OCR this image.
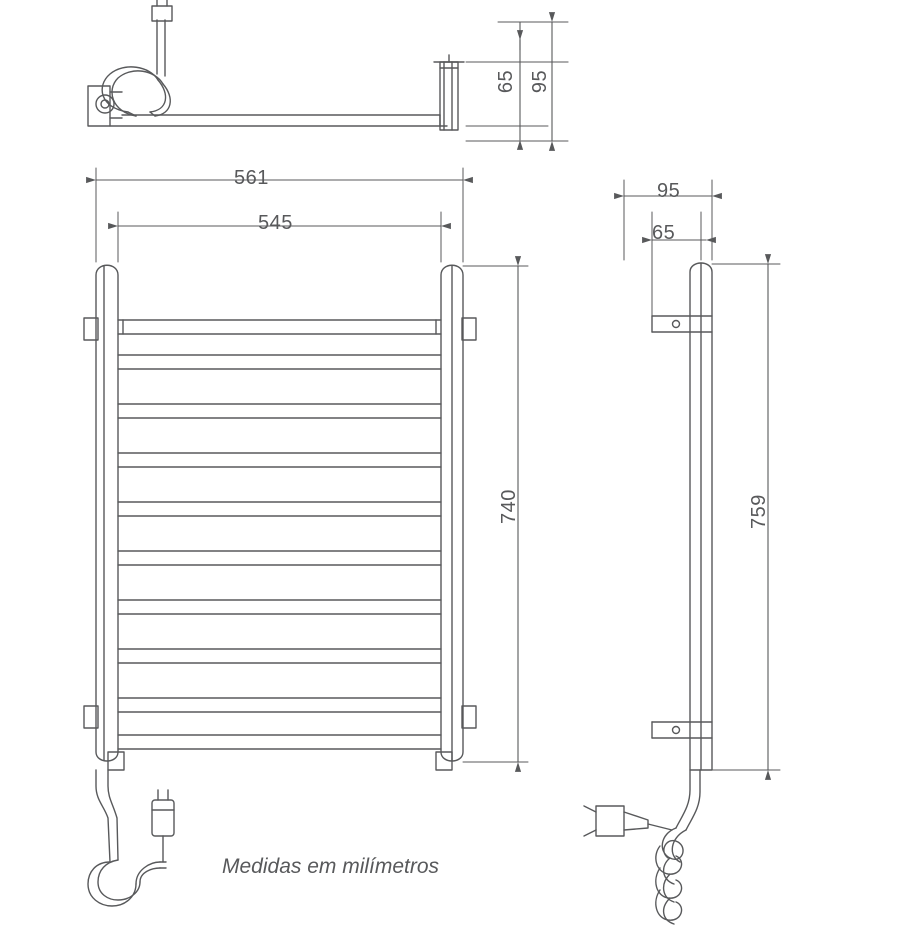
65 95
561
545
740
95
65
759
Medidas em milímetros
